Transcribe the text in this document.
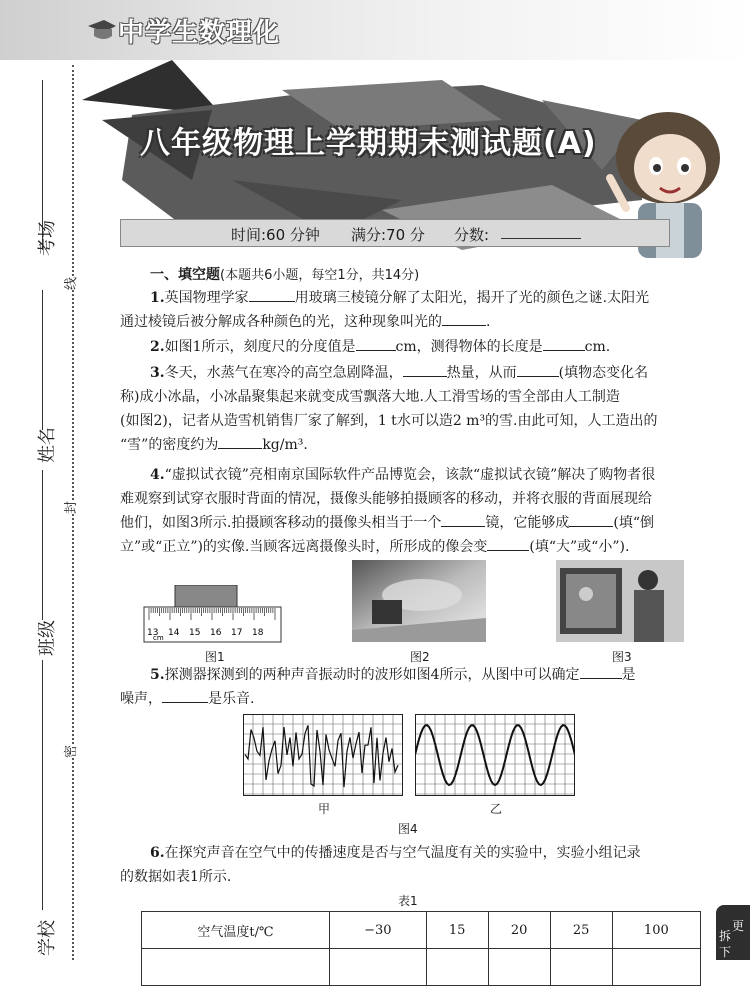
中学生数理化
考场
姓名
班级
学校
线
封
密
八年级物理上学期期末测试题(A)
时间:60 分钟 满分:70 分 分数:
一、填空题(本题共6小题，每空1分，共14分)

1.英国物理学家	用玻璃三棱镜分解了太阳光，揭开了光的颜色之谜.太阳光

通过棱镜后被分解成各种颜色的光，这种现象叫光的	.

2.如图1所示，刻度尺的分度值是	cm，测得物体的长度是	cm.

3.冬天，水蒸气在寒冷的高空急剧降温，	热量，从而	(填物态变化名

称)成小冰晶，小冰晶聚集起来就变成雪飘落大地.人工滑雪场的雪全部由人工制造

(如图2)，记者从造雪机销售厂家了解到，1 t水可以造2 m³的雪.由此可知，人工造出的

“雪”的密度约为	kg/m³.

4.“虚拟试衣镜”亮相南京国际软件产品博览会，该款“虚拟试衣镜”解决了购物者很

难观察到试穿衣服时背面的情况，摄像头能够拍摄顾客的移动，并将衣服的背面展现给

他们，如图3所示.拍摄顾客移动的摄像头相当于一个	镜，它能够成	(填“倒

立”或“正立”)的实像.当顾客远离摄像头时，所形成的像会变	(填“大”或“小”).

13 14 15 16 17 18
cm
图1	图2	图3

5.探测器探测到的两种声音振动时的波形如图4所示，从图中可以确定	是

噪声，	是乐音.

甲	乙
图4

6.在探究声音在空气中的传播速度是否与空气温度有关的实验中，实验小组记录

的数据如表1所示.

表1
空气温度t/℃	−30	15	20	25	100
						更
拆
下
